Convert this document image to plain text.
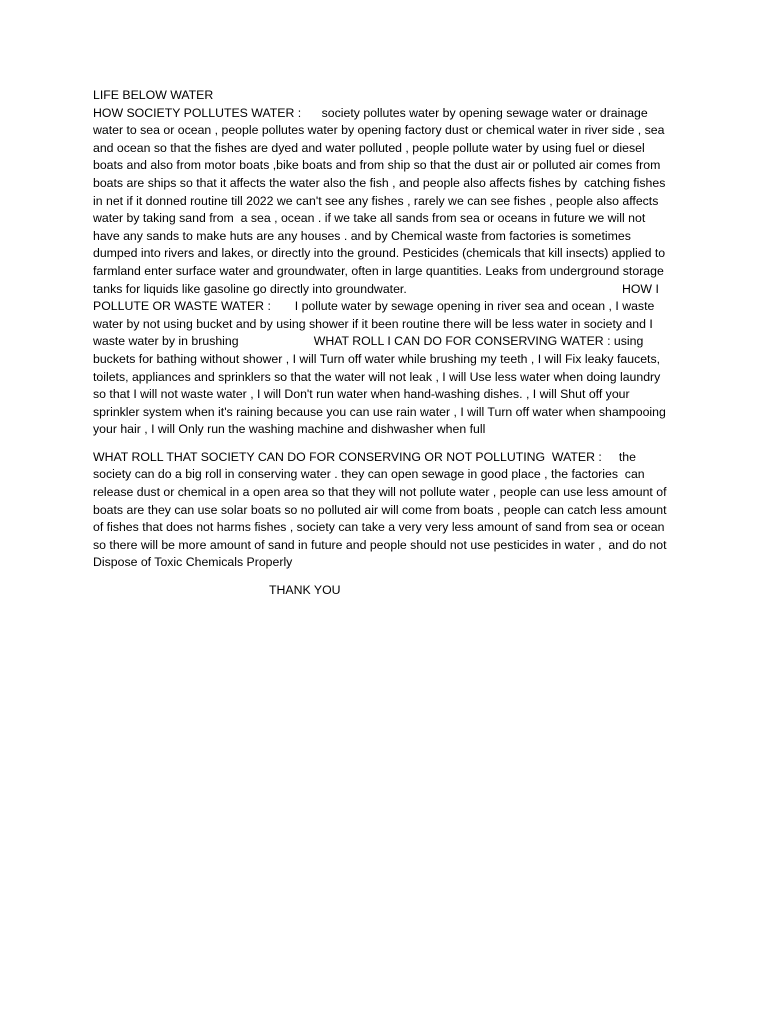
LIFE BELOW WATER
HOW SOCIETY POLLUTES WATER :      society pollutes water by opening sewage water or drainage water to sea or ocean , people pollutes water by opening factory dust or chemical water in river side , sea and ocean so that the fishes are dyed and water polluted , people pollute water by using fuel or diesel boats and also from motor boats ,bike boats and from ship so that the dust air or polluted air comes from boats are ships so that it affects the water also the fish , and people also affects fishes by  catching fishes in net if it donned routine till 2022 we can't see any fishes , rarely we can see fishes , people also affects water by taking sand from  a sea , ocean . if we take all sands from sea or oceans in future we will not have any sands to make huts are any houses . and by Chemical waste from factories is sometimes dumped into rivers and lakes, or directly into the ground. Pesticides (chemicals that kill insects) applied to farmland enter surface water and groundwater, often in large quantities. Leaks from underground storage tanks for liquids like gasoline go directly into groundwater.                                                               HOW I POLLUTE OR WASTE WATER :       I pollute water by sewage opening in river sea and ocean , I waste water by not using bucket and by using shower if it been routine there will be less water in society and I waste water by in brushing                      WHAT ROLL I CAN DO FOR CONSERVING WATER : using buckets for bathing without shower , I will Turn off water while brushing my teeth , I will Fix leaky faucets, toilets, appliances and sprinklers so that the water will not leak , I will Use less water when doing laundry so that I will not waste water , I will Don't run water when hand-washing dishes. , I will Shut off your sprinkler system when it's raining because you can use rain water , I will Turn off water when shampooing your hair , I will Only run the washing machine and dishwasher when full
WHAT ROLL THAT SOCIETY CAN DO FOR CONSERVING OR NOT POLLUTING  WATER :     the society can do a big roll in conserving water . they can open sewage in good place , the factories  can release dust or chemical in a open area so that they will not pollute water , people can use less amount of boats are they can use solar boats so no polluted air will come from boats , people can catch less amount of fishes that does not harms fishes , society can take a very very less amount of sand from sea or ocean so there will be more amount of sand in future and people should not use pesticides in water ,  and do not Dispose of Toxic Chemicals Properly
THANK YOU
